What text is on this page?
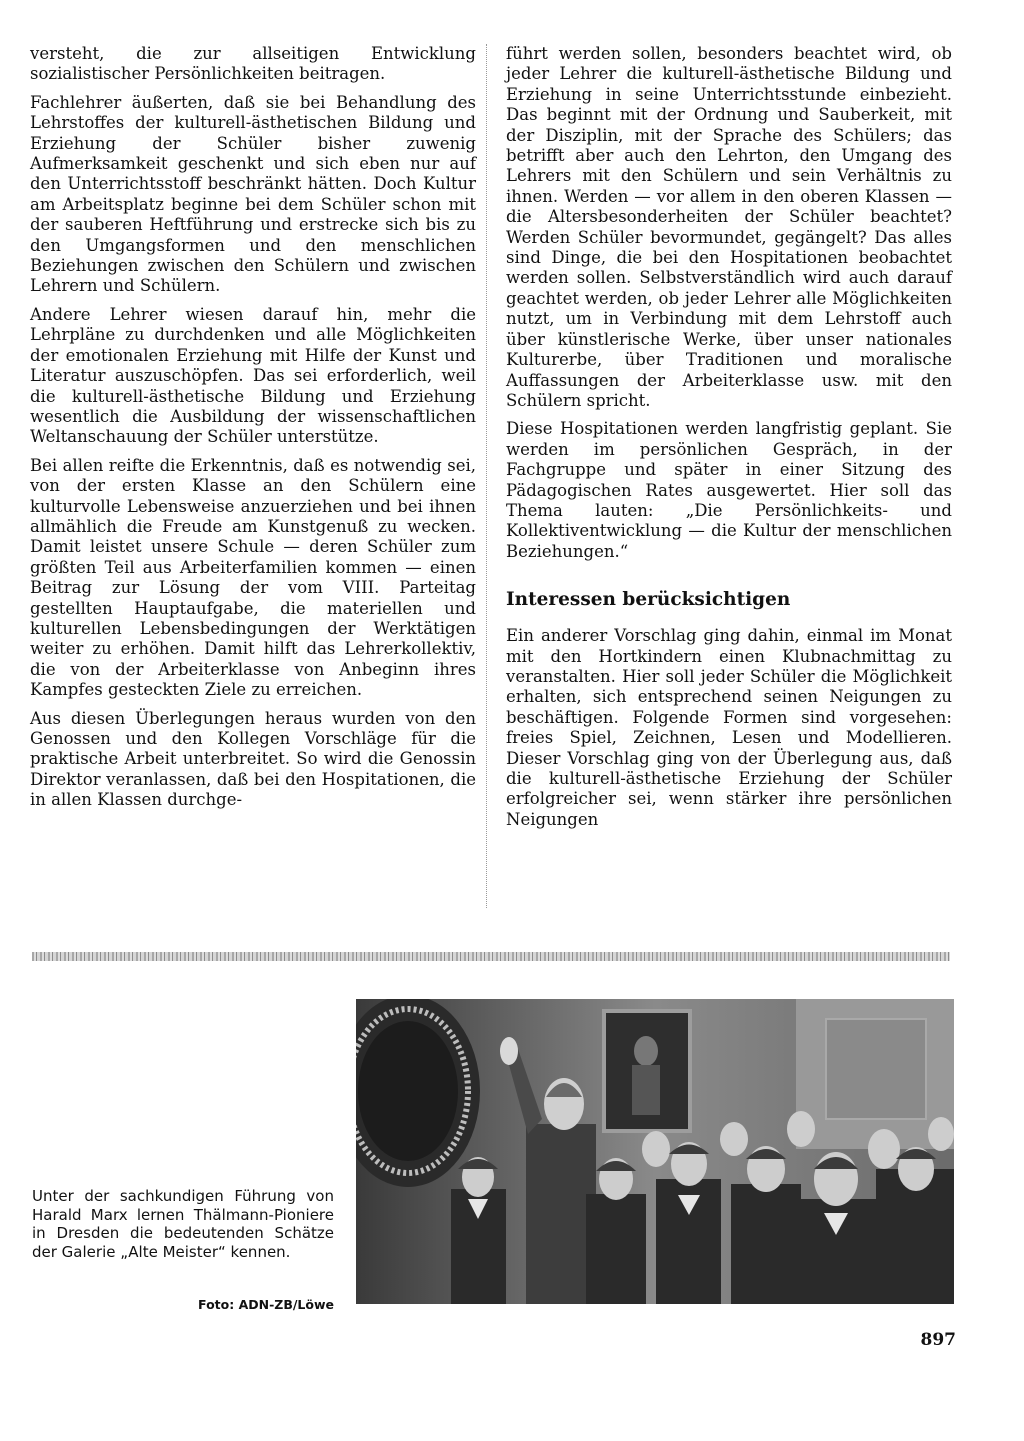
versteht, die zur allseitigen Entwicklung sozialistischer Persönlichkeiten beitragen.

Fachlehrer äußerten, daß sie bei Behandlung des Lehrstoffes der kulturell-ästhetischen Bildung und Erziehung der Schüler bisher zuwenig Aufmerksamkeit geschenkt und sich eben nur auf den Unterrichtsstoff beschränkt hätten. Doch Kultur am Arbeitsplatz beginne bei dem Schüler schon mit der sauberen Heftführung und erstrecke sich bis zu den Umgangsformen und den menschlichen Beziehungen zwischen den Schülern und zwischen Lehrern und Schülern.

Andere Lehrer wiesen darauf hin, mehr die Lehrpläne zu durchdenken und alle Möglichkeiten der emotionalen Erziehung mit Hilfe der Kunst und Literatur auszuschöpfen. Das sei erforderlich, weil die kulturell-ästhetische Bildung und Erziehung wesentlich die Ausbildung der wissenschaftlichen Weltanschauung der Schüler unterstütze.

Bei allen reifte die Erkenntnis, daß es notwendig sei, von der ersten Klasse an den Schülern eine kulturvolle Lebensweise anzuerziehen und bei ihnen allmählich die Freude am Kunstgenuß zu wecken. Damit leistet unsere Schule — deren Schüler zum größten Teil aus Arbeiterfamilien kommen — einen Beitrag zur Lösung der vom VIII. Parteitag gestellten Hauptaufgabe, die materiellen und kulturellen Lebensbedingungen der Werktätigen weiter zu erhöhen. Damit hilft das Lehrerkollektiv, die von der Arbeiterklasse von Anbeginn ihres Kampfes gesteckten Ziele zu erreichen.

Aus diesen Überlegungen heraus wurden von den Genossen und den Kollegen Vorschläge für die praktische Arbeit unterbreitet. So wird die Genossin Direktor veranlassen, daß bei den Hospitationen, die in allen Klassen durchge-

führt werden sollen, besonders beachtet wird, ob jeder Lehrer die kulturell-ästhetische Bildung und Erziehung in seine Unterrichtsstunde einbezieht. Das beginnt mit der Ordnung und Sauberkeit, mit der Disziplin, mit der Sprache des Schülers; das betrifft aber auch den Lehrton, den Umgang des Lehrers mit den Schülern und sein Verhältnis zu ihnen. Werden — vor allem in den oberen Klassen — die Altersbesonderheiten der Schüler beachtet? Werden Schüler bevormundet, gegängelt? Das alles sind Dinge, die bei den Hospitationen beobachtet werden sollen. Selbstverständlich wird auch darauf geachtet werden, ob jeder Lehrer alle Möglichkeiten nutzt, um in Verbindung mit dem Lehrstoff auch über künstlerische Werke, über unser nationales Kulturerbe, über Traditionen und moralische Auffassungen der Arbeiterklasse usw. mit den Schülern spricht.

Diese Hospitationen werden langfristig geplant. Sie werden im persönlichen Gespräch, in der Fachgruppe und später in einer Sitzung des Pädagogischen Rates ausgewertet. Hier soll das Thema lauten: „Die Persönlichkeits- und Kollektiventwicklung — die Kultur der menschlichen Beziehungen.“

Interessen berücksichtigen

Ein anderer Vorschlag ging dahin, einmal im Monat mit den Hortkindern einen Klubnachmittag zu veranstalten. Hier soll jeder Schüler die Möglichkeit erhalten, sich entsprechend seinen Neigungen zu beschäftigen. Folgende Formen sind vorgesehen: freies Spiel, Zeichnen, Lesen und Modellieren. Dieser Vorschlag ging von der Überlegung aus, daß die kulturell-ästhetische Erziehung der Schüler erfolgreicher sei, wenn stärker ihre persönlichen Neigungen

Unter der sachkundigen Führung von Harald Marx lernen Thälmann-Pioniere in Dresden die bedeutenden Schätze der Galerie „Alte Meister“ kennen.
Foto: ADN-ZB/Löwe
897
